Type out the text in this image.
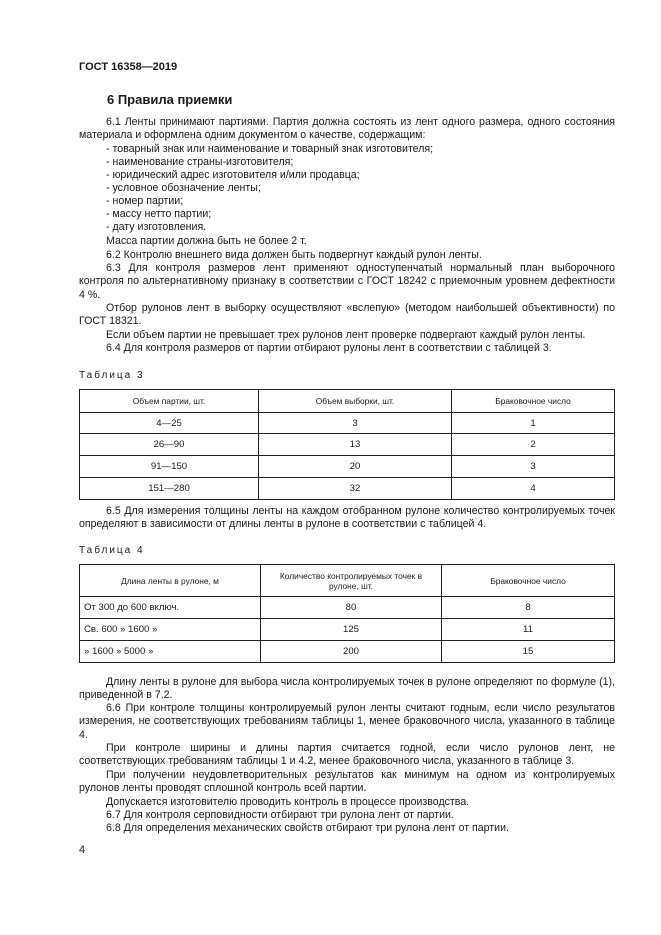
ГОСТ 16358—2019
6 Правила приемки
6.1 Ленты принимают партиями. Партия должна состоять из лент одного размера, одного состояния материала и оформлена одним документом о качестве, содержащим:
- товарный знак или наименование и товарный знак изготовителя;
- наименование страны-изготовителя;
- юридический адрес изготовителя и/или продавца;
- условное обозначение ленты;
- номер партии;
- массу нетто партии;
- дату изготовления.
Масса партии должна быть не более 2 т.
6.2 Контролю внешнего вида должен быть подвергнут каждый рулон ленты.
6.3 Для контроля размеров лент применяют одноступенчатый нормальный план выборочного контроля по альтернативному признаку в соответствии с ГОСТ 18242 с приемочным уровнем дефектности 4 %.
Отбор рулонов лент в выборку осуществляют «вслепую» (методом наибольшей объективности) по ГОСТ 18321.
Если объем партии не превышает трех рулонов лент проверке подвергают каждый рулон ленты.
6.4 Для контроля размеров от партии отбирают рулоны лент в соответствии с таблицей 3.
Таблица 3
Объем партии, шт.	Объем выборки, шт.	Браковочное число
4—25	3	1
26—90	13	2
91—150	20	3
151—280	32	4
6.5 Для измерения толщины ленты на каждом отобранном рулоне количество контролируемых точек определяют в зависимости от длины ленты в рулоне в соответствии с таблицей 4.
Таблица 4
Длина ленты в рулоне, м	Количество контролируемых точек в рулоне, шт.	Браковочное число
От 300 до 600 включ.	80	8
Св. 600 » 1600 »	125	11
» 1600 » 5000 »	200	15
Длину ленты в рулоне для выбора числа контролируемых точек в рулоне определяют по формуле (1), приведенной в 7.2.
6.6 При контроле толщины контролируемый рулон ленты считают годным, если число результатов измерения, не соответствующих требованиям таблицы 1, менее браковочного числа, указанного в таблице 4.
При контроле ширины и длины партия считается годной, если число рулонов лент, не соответствующих требованиям таблицы 1 и 4.2, менее браковочного числа, указанного в таблице 3.
При получении неудовлетворительных результатов как минимум на одном из контролируемых рулонов ленты проводят сплошной контроль всей партии.
Допускается изготовителю проводить контроль в процессе производства.
6.7 Для контроля серповидности отбирают три рулона лент от партии.
6.8 Для определения механических свойств отбирают три рулона лент от партии.
4
